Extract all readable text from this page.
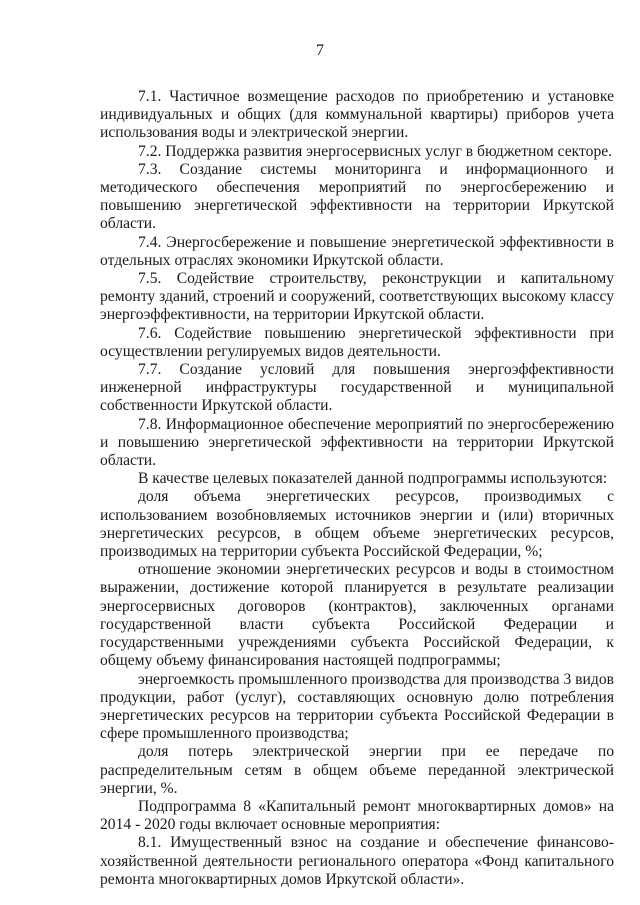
7

7.1. Частичное возмещение расходов по приобретению и установке индивидуальных и общих (для коммунальной квартиры) приборов учета использования воды и электрической энергии.

7.2. Поддержка развития энергосервисных услуг в бюджетном секторе.

7.3. Создание системы мониторинга и информационного и методического обеспечения мероприятий по энергосбережению и повышению энергетической эффективности на территории Иркутской области.

7.4. Энергосбережение и повышение энергетической эффективности в отдельных отраслях экономики Иркутской области.

7.5. Содействие строительству, реконструкции и капитальному ремонту зданий, строений и сооружений, соответствующих высокому классу энергоэффективности, на территории Иркутской области.

7.6. Содействие повышению энергетической эффективности при осуществлении регулируемых видов деятельности.

7.7. Создание условий для повышения энергоэффективности инженерной инфраструктуры государственной и муниципальной собственности Иркутской области.

7.8. Информационное обеспечение мероприятий по энергосбережению и повышению энергетической эффективности на территории Иркутской области.

В качестве целевых показателей данной подпрограммы используются:

доля объема энергетических ресурсов, производимых с использованием возобновляемых источников энергии и (или) вторичных энергетических ресурсов, в общем объеме энергетических ресурсов, производимых на территории субъекта Российской Федерации, %;

отношение экономии энергетических ресурсов и воды в стоимостном выражении, достижение которой планируется в результате реализации энергосервисных договоров (контрактов), заключенных органами государственной власти субъекта Российской Федерации и государственными учреждениями субъекта Российской Федерации, к общему объему финансирования настоящей подпрограммы;

энергоемкость промышленного производства для производства 3 видов продукции, работ (услуг), составляющих основную долю потребления энергетических ресурсов на территории субъекта Российской Федерации в сфере промышленного производства;

доля потерь электрической энергии при ее передаче по распределительным сетям в общем объеме переданной электрической энергии, %.

Подпрограмма 8 «Капитальный ремонт многоквартирных домов» на 2014 - 2020 годы включает основные мероприятия:

8.1. Имущественный взнос на создание и обеспечение финансово-хозяйственной деятельности регионального оператора «Фонд капитального ремонта многоквартирных домов Иркутской области».
